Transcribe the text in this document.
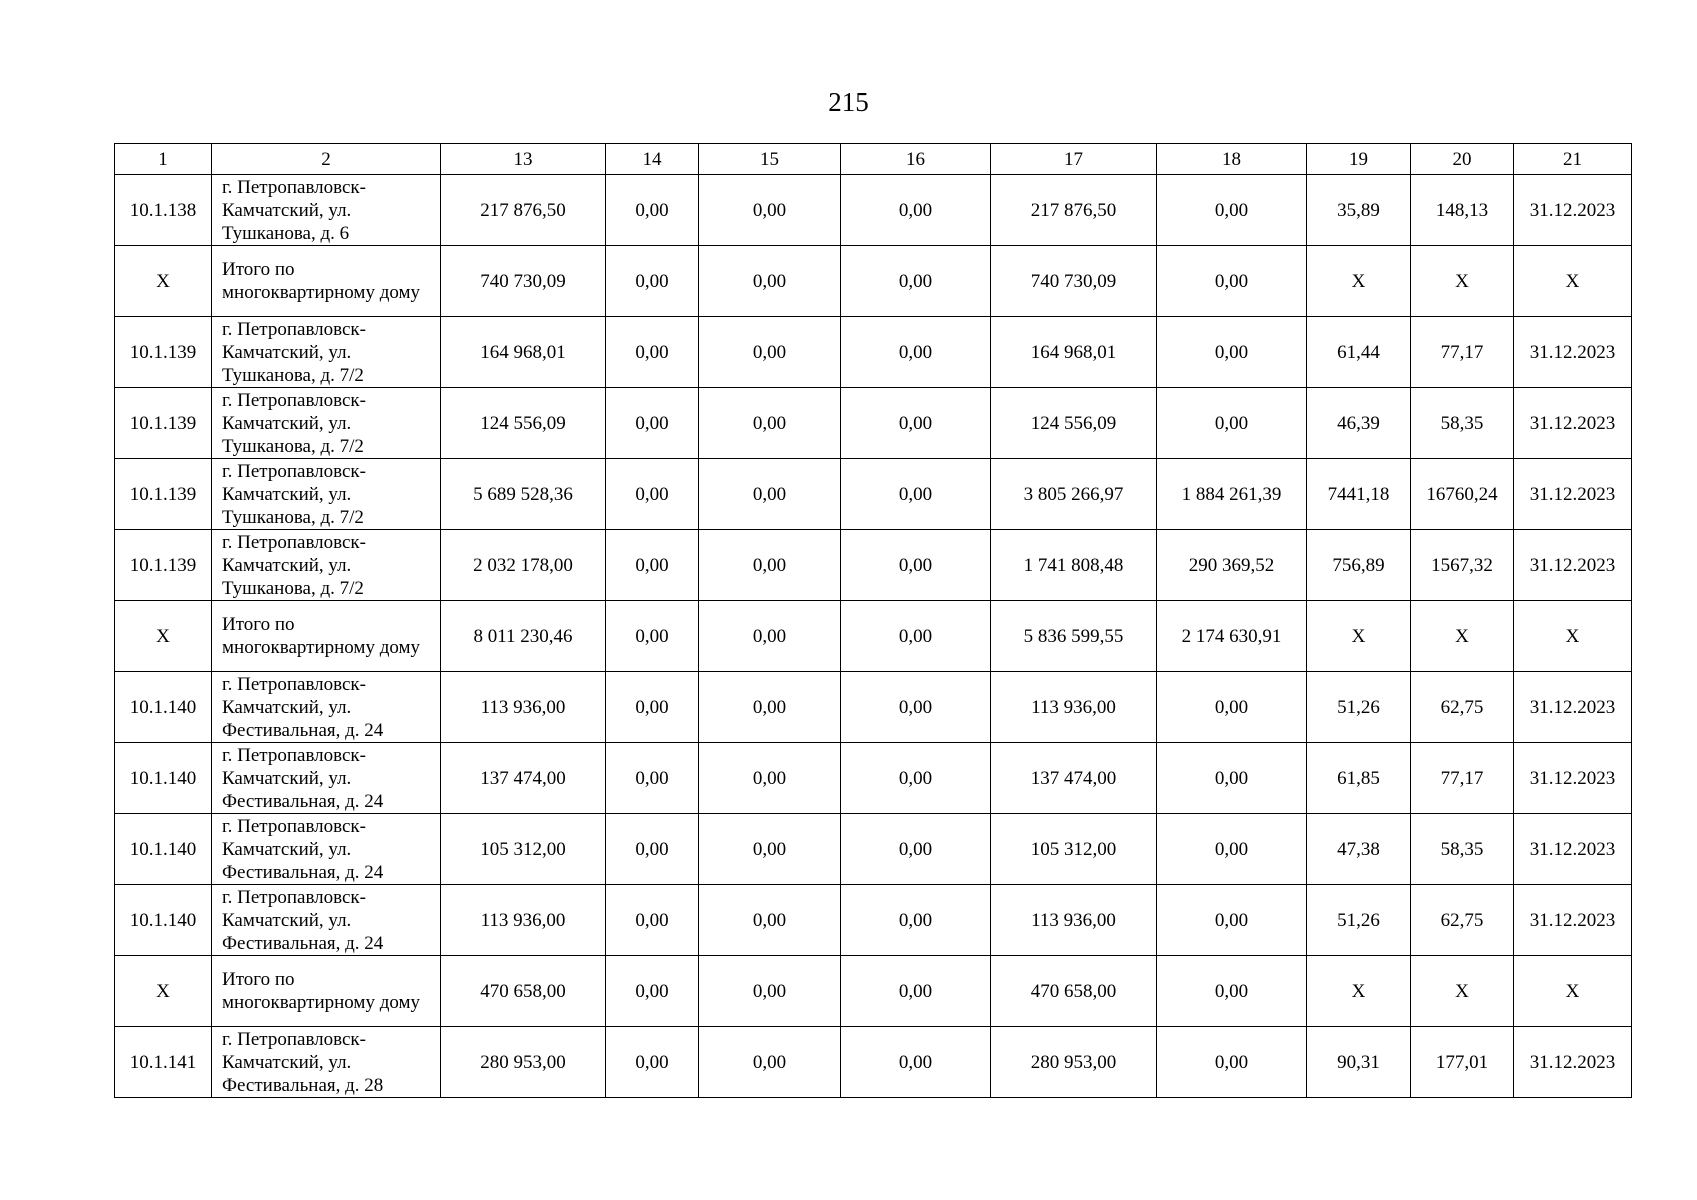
215
1	2	13	14	15	16	17	18	19	20	21
10.1.138	г. Петропавловск-Камчатский, ул. Тушканова, д. 6	217 876,50	0,00	0,00	0,00	217 876,50	0,00	35,89	148,13	31.12.2023
X	Итого по многоквартирному дому	740 730,09	0,00	0,00	0,00	740 730,09	0,00	X	X	X
10.1.139	г. Петропавловск-Камчатский, ул. Тушканова, д. 7/2	164 968,01	0,00	0,00	0,00	164 968,01	0,00	61,44	77,17	31.12.2023
10.1.139	г. Петропавловск-Камчатский, ул. Тушканова, д. 7/2	124 556,09	0,00	0,00	0,00	124 556,09	0,00	46,39	58,35	31.12.2023
10.1.139	г. Петропавловск-Камчатский, ул. Тушканова, д. 7/2	5 689 528,36	0,00	0,00	0,00	3 805 266,97	1 884 261,39	7441,18	16760,24	31.12.2023
10.1.139	г. Петропавловск-Камчатский, ул. Тушканова, д. 7/2	2 032 178,00	0,00	0,00	0,00	1 741 808,48	290 369,52	756,89	1567,32	31.12.2023
X	Итого по многоквартирному дому	8 011 230,46	0,00	0,00	0,00	5 836 599,55	2 174 630,91	X	X	X
10.1.140	г. Петропавловск-Камчатский, ул. Фестивальная, д. 24	113 936,00	0,00	0,00	0,00	113 936,00	0,00	51,26	62,75	31.12.2023
10.1.140	г. Петропавловск-Камчатский, ул. Фестивальная, д. 24	137 474,00	0,00	0,00	0,00	137 474,00	0,00	61,85	77,17	31.12.2023
10.1.140	г. Петропавловск-Камчатский, ул. Фестивальная, д. 24	105 312,00	0,00	0,00	0,00	105 312,00	0,00	47,38	58,35	31.12.2023
10.1.140	г. Петропавловск-Камчатский, ул. Фестивальная, д. 24	113 936,00	0,00	0,00	0,00	113 936,00	0,00	51,26	62,75	31.12.2023
X	Итого по многоквартирному дому	470 658,00	0,00	0,00	0,00	470 658,00	0,00	X	X	X
10.1.141	г. Петропавловск-Камчатский, ул. Фестивальная, д. 28	280 953,00	0,00	0,00	0,00	280 953,00	0,00	90,31	177,01	31.12.2023
